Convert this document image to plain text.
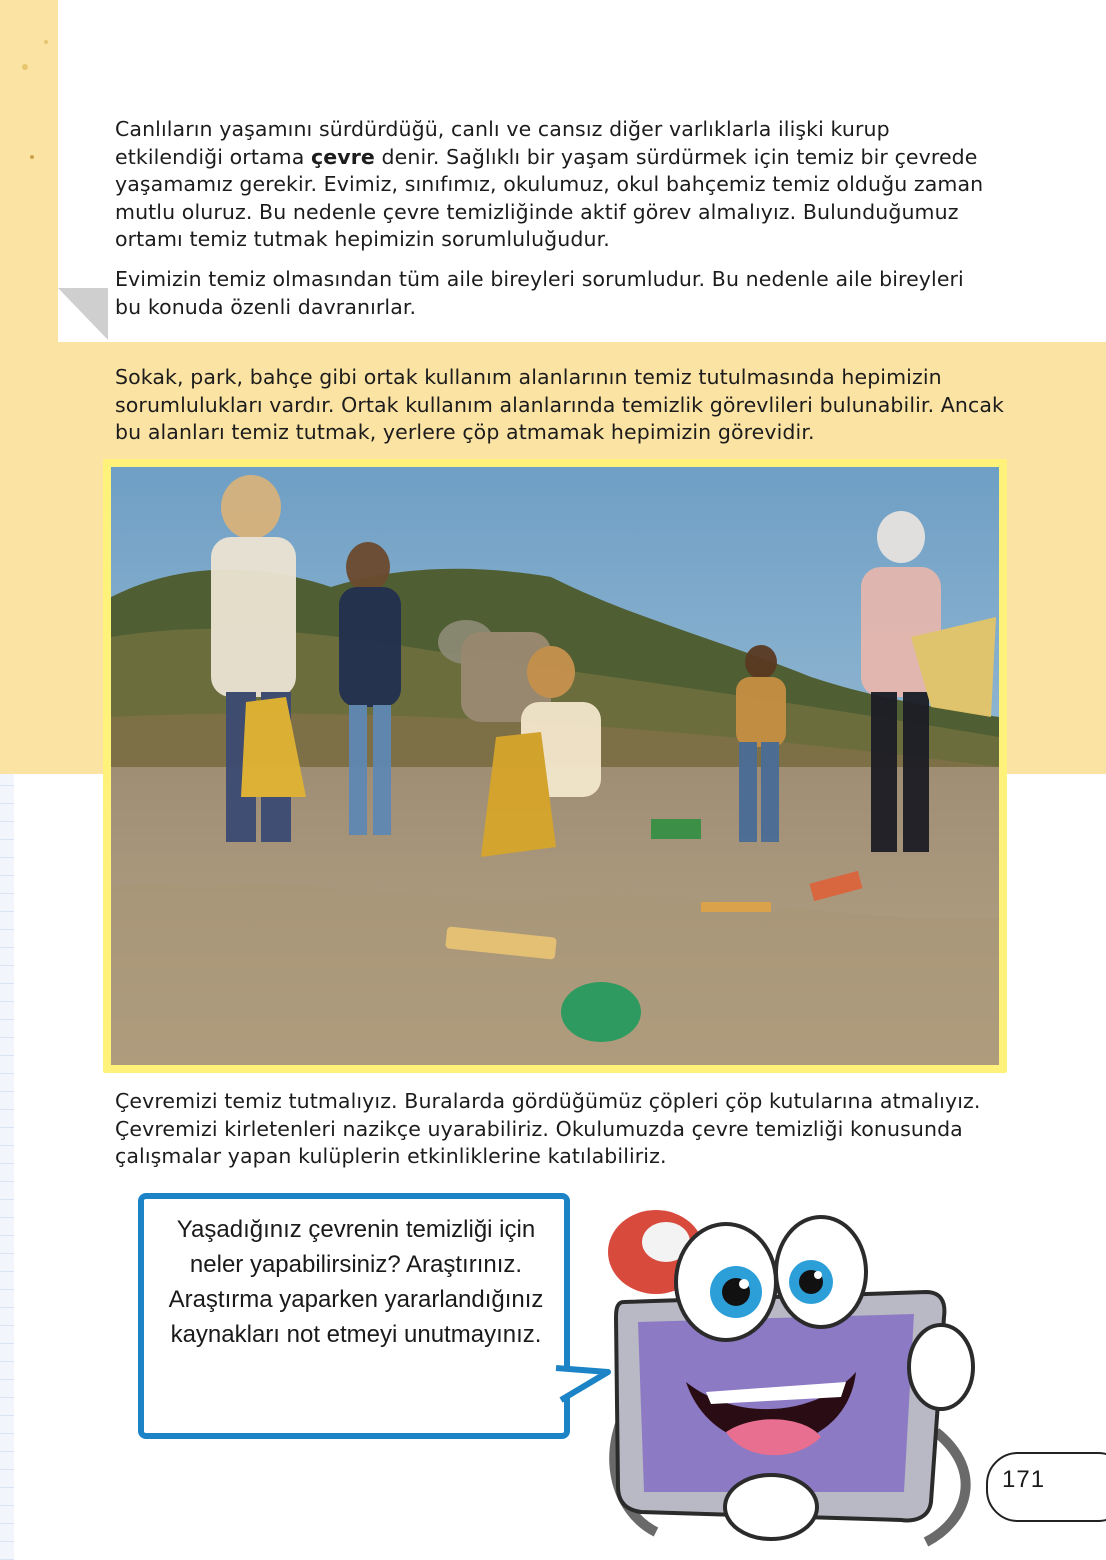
Canlıların yaşamını sürdürdüğü, canlı ve cansız diğer varlıklarla ilişki kurup etkilendiği ortama çevre denir. Sağlıklı bir yaşam sürdürmek için temiz bir çevrede yaşamamız gerekir. Evimiz, sınıfımız, okulumuz, okul bahçemiz temiz olduğu zaman mutlu oluruz. Bu nedenle çevre temizliğinde aktif görev almalıyız. Bulunduğumuz ortamı temiz tutmak hepimizin sorumluluğudur.

Evimizin temiz olmasından tüm aile bireyleri sorumludur. Bu nedenle aile bireyleri bu konuda özenli davranırlar.

Sokak, park, bahçe gibi ortak kullanım alanlarının temiz tutulmasında hepimizin sorumlulukları vardır. Ortak kullanım alanlarında temizlik görevlileri bulunabilir. Ancak bu alanları temiz tutmak, yerlere çöp atmamak hepimizin görevidir.

Çevremizi temiz tutmalıyız. Buralarda gördüğümüz çöpleri çöp kutularına atmalıyız. Çevremizi kirletenleri nazikçe uyarabiliriz. Okulumuzda çevre temizliği konusunda çalışmalar yapan kulüplerin etkinliklerine katılabiliriz.

Yaşadığınız çevrenin temizliği için neler yapabilirsiniz? Araştırınız. Araştırma yaparken yararlandığınız kaynakları not etmeyi unutmayınız.
171
